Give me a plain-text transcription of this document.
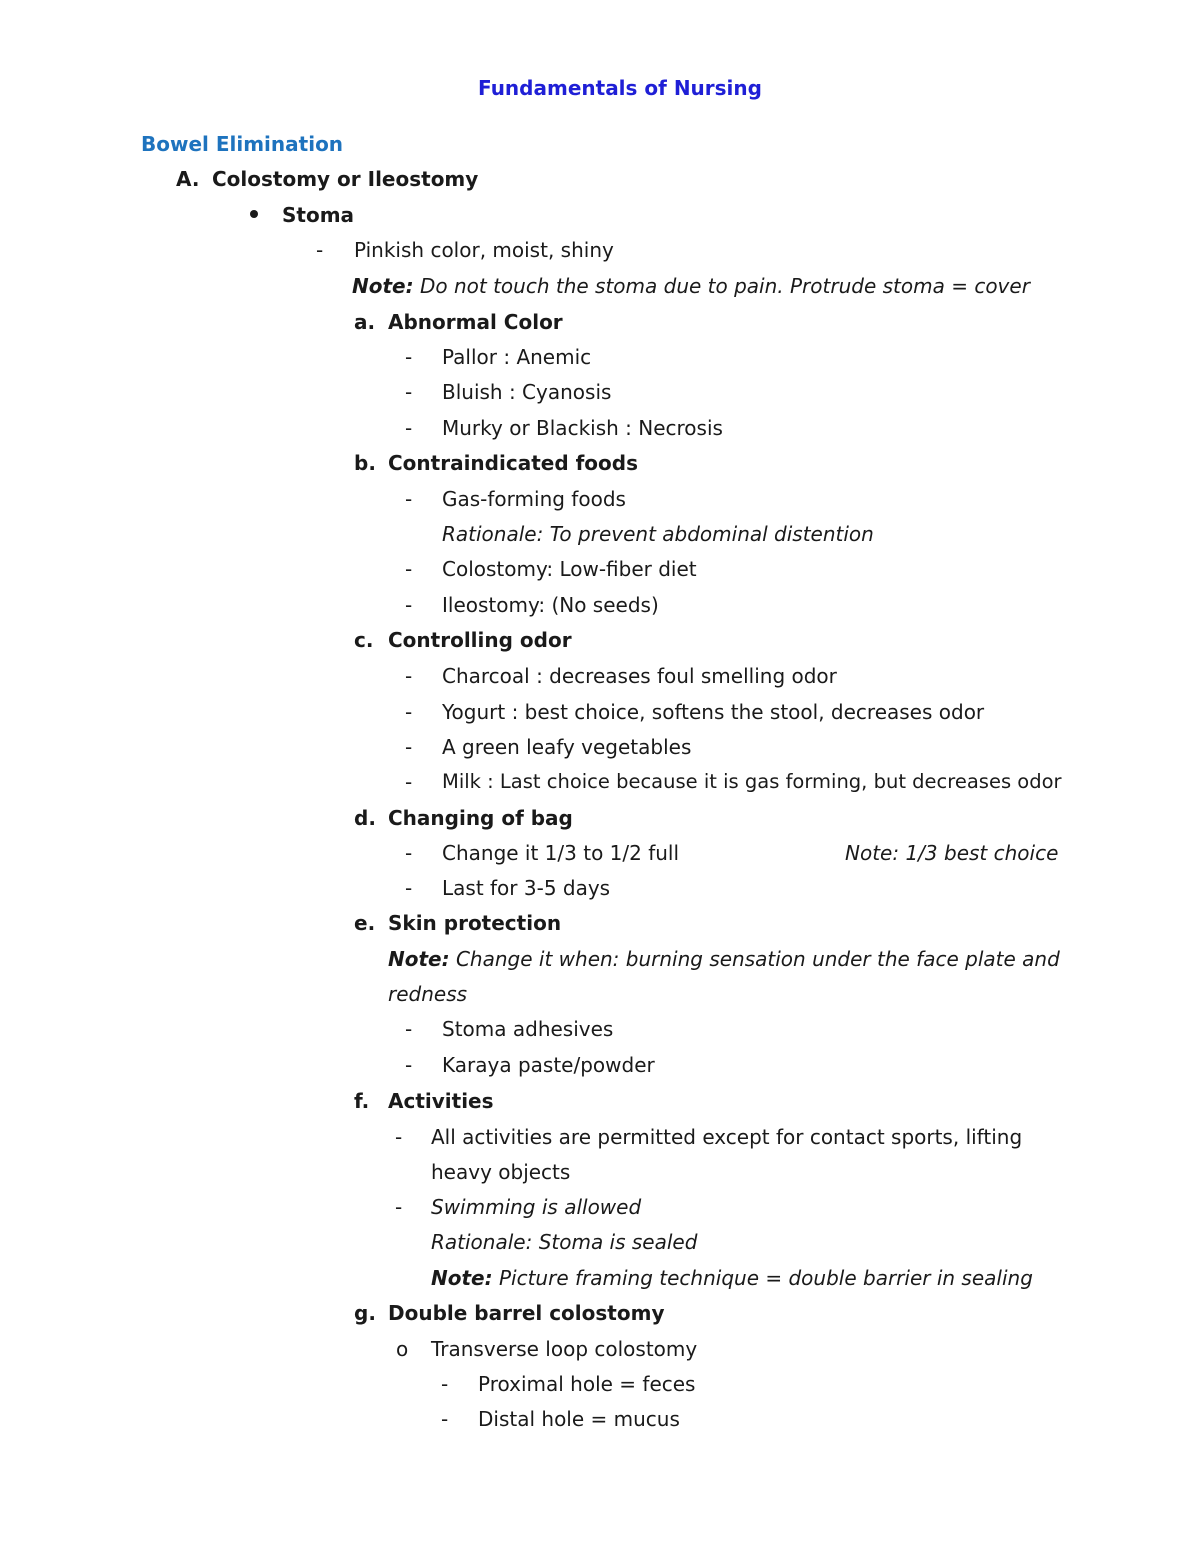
Fundamentals of Nursing
Bowel Elimination
A. Colostomy or Ileostomy
Stoma
- Pinkish color, moist, shiny
Note: Do not touch the stoma due to pain. Protrude stoma = cover
a. Abnormal Color
- Pallor : Anemic
- Bluish : Cyanosis
- Murky or Blackish : Necrosis
b. Contraindicated foods
- Gas-forming foods
Rationale: To prevent abdominal distention
- Colostomy: Low-fiber diet
- Ileostomy: (No seeds)
c. Controlling odor
- Charcoal : decreases foul smelling odor
- Yogurt : best choice, softens the stool, decreases odor
- A green leafy vegetables
- Milk : Last choice because it is gas forming, but decreases odor
d. Changing of bag
- Change it 1/3 to 1/2 full	Note: 1/3 best choice
- Last for 3-5 days
e. Skin protection
Note: Change it when: burning sensation under the face plate and
redness
- Stoma adhesives
- Karaya paste/powder
f. Activities
- All activities are permitted except for contact sports, lifting
heavy objects
- Swimming is allowed
Rationale: Stoma is sealed
Note: Picture framing technique = double barrier in sealing
g. Double barrel colostomy
o Transverse loop colostomy
- Proximal hole = feces
- Distal hole = mucus
